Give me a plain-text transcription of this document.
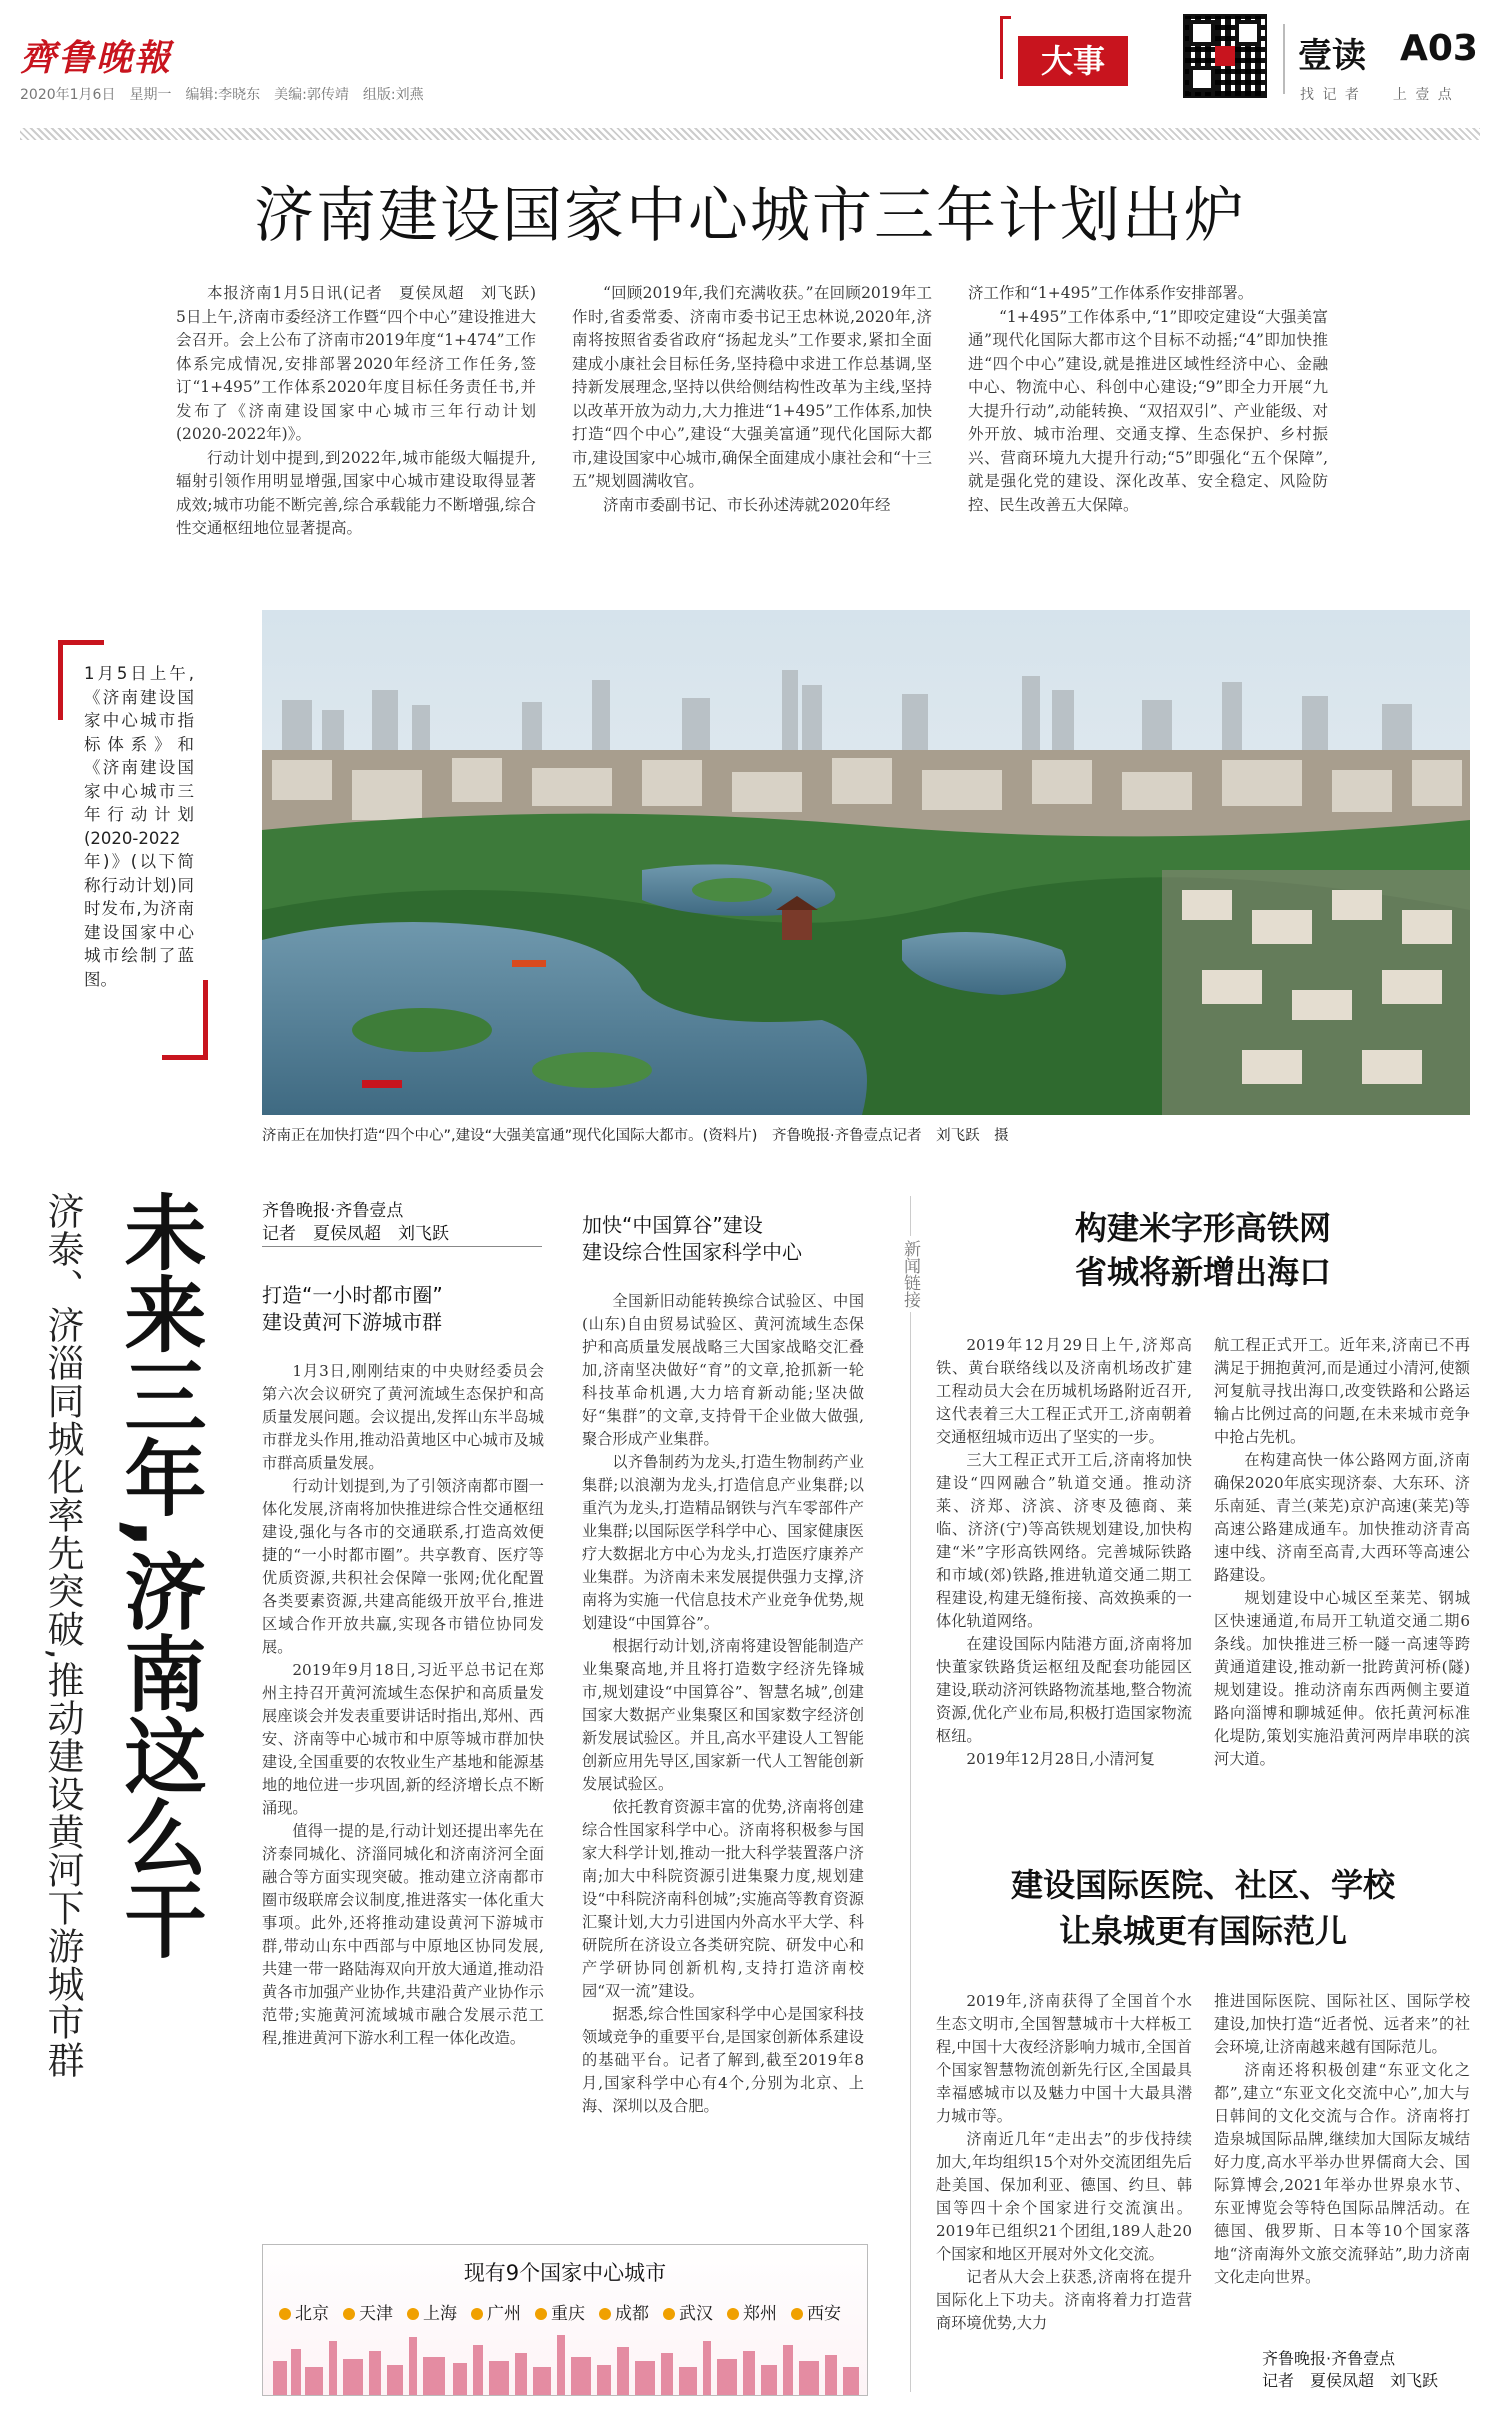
齊鲁晚報
2020年1月6日　星期一　编辑:李晓东　美编:郭传靖　组版:刘燕
大事	壹读 A03
找 记 者　　上 壹 点
济南建设国家中心城市三年计划出炉

本报济南1月5日讯(记者　夏侯凤超　刘飞跃)　5日上午,济南市委经济工作暨“四个中心”建设推进大会召开。会上公布了济南市2019年度“1+474”工作体系完成情况,安排部署2020年经济工作任务,签订“1+495”工作体系2020年度目标任务责任书,并发布了《济南建设国家中心城市三年行动计划(2020-2022年)》。

行动计划中提到,到2022年,城市能级大幅提升,辐射引领作用明显增强,国家中心城市建设取得显著成效;城市功能不断完善,综合承载能力不断增强,综合性交通枢纽地位显著提高。

“回顾2019年,我们充满收获。”在回顾2019年工作时,省委常委、济南市委书记王忠林说,2020年,济南将按照省委省政府“扬起龙头”工作要求,紧扣全面建成小康社会目标任务,坚持稳中求进工作总基调,坚持新发展理念,坚持以供给侧结构性改革为主线,坚持以改革开放为动力,大力推进“1+495”工作体系,加快打造“四个中心”,建设“大强美富通”现代化国际大都市,建设国家中心城市,确保全面建成小康社会和“十三五”规划圆满收官。

济南市委副书记、市长孙述涛就2020年经

济工作和“1+495”工作体系作安排部署。

“1+495”工作体系中,“1”即咬定建设“大强美富通”现代化国际大都市这个目标不动摇;“4”即加快推进“四个中心”建设,就是推进区域性经济中心、金融中心、物流中心、科创中心建设;“9”即全力开展“九大提升行动”,动能转换、“双招双引”、产业能级、对外开放、城市治理、交通支撑、生态保护、乡村振兴、营商环境九大提升行动;“5”即强化“五个保障”,就是强化党的建设、深化改革、安全稳定、风险防控、民生改善五大保障。

1月5日上午,《济南建设国家中心城市指标体系》和《济南建设国家中心城市三年行动计划(2020-2022年)》(以下简称行动计划)同时发布,为济南建设国家中心城市绘制了蓝图。
济南正在加快打造“四个中心”,建设“大强美富通”现代化国际大都市。(资料片)　齐鲁晚报·齐鲁壹点记者　刘飞跃　摄
济泰、济淄同城化率先突破,推动建设黄河下游城市群 未来三年,济南这么干	齐鲁晚报·齐鲁壹点
记者　夏侯凤超　刘飞跃
打造“一小时都市圈”
建设黄河下游城市群

1月3日,刚刚结束的中央财经委员会第六次会议研究了黄河流域生态保护和高质量发展问题。会议提出,发挥山东半岛城市群龙头作用,推动沿黄地区中心城市及城市群高质量发展。

行动计划提到,为了引领济南都市圈一体化发展,济南将加快推进综合性交通枢纽建设,强化与各市的交通联系,打造高效便捷的“一小时都市圈”。共享教育、医疗等优质资源,共积社会保障一张网;优化配置各类要素资源,共建高能级开放平台,推进区域合作开放共赢,实现各市错位协同发展。

2019年9月18日,习近平总书记在郑州主持召开黄河流域生态保护和高质量发展座谈会并发表重要讲话时指出,郑州、西安、济南等中心城市和中原等城市群加快建设,全国重要的农牧业生产基地和能源基地的地位进一步巩固,新的经济增长点不断涌现。

值得一提的是,行动计划还提出率先在济泰同城化、济淄同城化和济南济河全面融合等方面实现突破。推动建立济南都市圈市级联席会议制度,推进落实一体化重大事项。此外,还将推动建设黄河下游城市群,带动山东中西部与中原地区协同发展,共建一带一路陆海双向开放大通道,推动沿黄各市加强产业协作,共建沿黄产业协作示范带;实施黄河流域城市融合发展示范工程,推进黄河下游水利工程一体化改造。

加快“中国算谷”建设
建设综合性国家科学中心

全国新旧动能转换综合试验区、中国(山东)自由贸易试验区、黄河流域生态保护和高质量发展战略三大国家战略交汇叠加,济南坚决做好“育”的文章,抢抓新一轮科技革命机遇,大力培育新动能;坚决做好“集群”的文章,支持骨干企业做大做强,聚合形成产业集群。

以齐鲁制药为龙头,打造生物制药产业集群;以浪潮为龙头,打造信息产业集群;以重汽为龙头,打造精品钢铁与汽车零部件产业集群;以国际医学科学中心、国家健康医疗大数据北方中心为龙头,打造医疗康养产业集群。为济南未来发展提供强力支撑,济南将为实施一代信息技术产业竞争优势,规划建设“中国算谷”。

根据行动计划,济南将建设智能制造产业集聚高地,并且将打造数字经济先锋城市,规划建设“中国算谷”、智慧名城”,创建国家大数据产业集聚区和国家数字经济创新发展试验区。并且,高水平建设人工智能创新应用先导区,国家新一代人工智能创新发展试验区。

依托教育资源丰富的优势,济南将创建综合性国家科学中心。济南将积极参与国家大科学计划,推动一批大科学装置落户济南;加大中科院资源引进集聚力度,规划建设“中科院济南科创城”;实施高等教育资源汇聚计划,大力引进国内外高水平大学、科研院所在济设立各类研究院、研发中心和产学研协同创新机构,支持打造济南校园“双一流”建设。

据悉,综合性国家科学中心是国家科技领域竞争的重要平台,是国家创新体系建设的基础平台。记者了解到,截至2019年8月,国家科学中心有4个,分别为北京、上海、深圳以及合肥。

现有9个国家中心城市
北京 天津 上海 广州 重庆 成都 武汉 郑州 西安
新闻链接
构建米字形高铁网
省城将新增出海口

2019年12月29日上午,济郑高铁、黄台联络线以及济南机场改扩建工程动员大会在历城机场路附近召开,这代表着三大工程正式开工,济南朝着交通枢纽城市迈出了坚实的一步。

三大工程正式开工后,济南将加快建设“四网融合”轨道交通。推动济莱、济郑、济滨、济枣及德商、莱临、济济(宁)等高铁规划建设,加快构建“米”字形高铁网络。完善城际铁路和市域(郊)铁路,推进轨道交通二期工程建设,构建无缝衔接、高效换乘的一体化轨道网络。

在建设国际内陆港方面,济南将加快董家铁路货运枢纽及配套功能园区建设,联动济河铁路物流基地,整合物流资源,优化产业布局,积极打造国家物流枢纽。

2019年12月28日,小清河复

航工程正式开工。近年来,济南已不再满足于拥抱黄河,而是通过小清河,使额河复航寻找出海口,改变铁路和公路运输占比例过高的问题,在未来城市竞争中抢占先机。

在构建高快一体公路网方面,济南确保2020年底实现济泰、大东环、济乐南延、青兰(莱芜)京沪高速(莱芜)等高速公路建成通车。加快推动济青高速中线、济南至高青,大西环等高速公路建设。

规划建设中心城区至莱芜、钢城区快速通道,布局开工轨道交通二期6条线。加快推进三桥一隧一高速等跨黄通道建设,推动新一批跨黄河桥(隧)规划建设。推动济南东西两侧主要道路向淄博和聊城延伸。依托黄河标准化堤防,策划实施沿黄河两岸串联的滨河大道。

建设国际医院、社区、学校
让泉城更有国际范儿

2019年,济南获得了全国首个水生态文明市,全国智慧城市十大样板工程,中国十大夜经济影响力城市,全国首个国家智慧物流创新先行区,全国最具幸福感城市以及魅力中国十大最具潜力城市等。

济南近几年“走出去”的步伐持续加大,年均组织15个对外交流团组先后赴美国、保加利亚、德国、约旦、韩国等四十余个国家进行交流演出。2019年已组织21个团组,189人赴20个国家和地区开展对外文化交流。

记者从大会上获悉,济南将在提升国际化上下功夫。济南将着力打造营商环境优势,大力

推进国际医院、国际社区、国际学校建设,加快打造“近者悦、远者来”的社会环境,让济南越来越有国际范儿。

济南还将积极创建“东亚文化之都”,建立“东亚文化交流中心”,加大与日韩间的文化交流与合作。济南将打造泉城国际品牌,继续加大国际友城结好力度,高水平举办世界儒商大会、国际算博会,2021年举办世界泉水节、东亚博览会等特色国际品牌活动。在德国、俄罗斯、日本等10个国家落地“济南海外文旅交流驿站”,助力济南文化走向世界。

齐鲁晚报·齐鲁壹点
记者　夏侯凤超　刘飞跃
